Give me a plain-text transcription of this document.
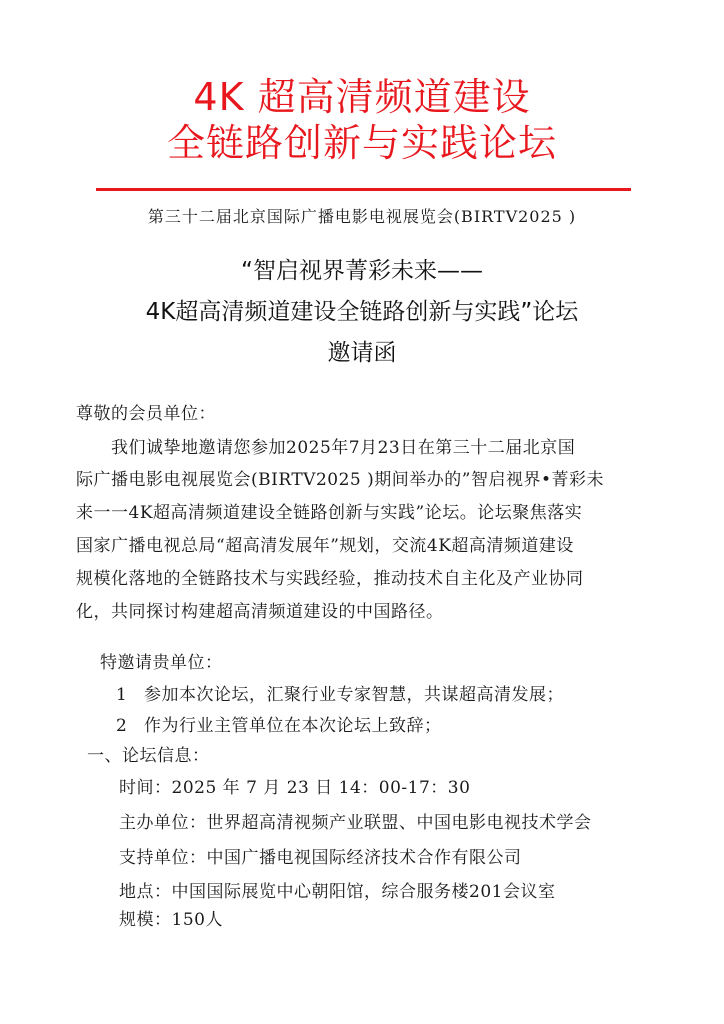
4K 超高清频道建设
全链路创新与实践论坛
第三十二届北京国际广播电影电视展览会(BIRTV2025 )
“智启视界菁彩未来——
4K超高清频道建设全链路创新与实践”论坛
邀请函
尊敬的会员单位：
我们诚挚地邀请您参加2025年7月23日在第三十二届北京国
际广播电影电视展览会(BIRTV2025 )期间举办的”智启视界•菁彩未
来一一4K超高清频道建设全链路创新与实践”论坛。论坛聚焦落实
国家广播电视总局“超高清发展年”规划，交流4K超高清频道建设
规模化落地的全链路技术与实践经验，推动技术自主化及产业协同
化，共同探讨构建超高清频道建设的中国路径。
特邀请贵单位：
1 参加本次论坛，汇聚行业专家智慧，共谋超高清发展；
2 作为行业主管单位在本次论坛上致辞；
一、论坛信息：
时间：2025 年 7 月 23 日 14：00-17：30
主办单位：世界超高清视频产业联盟、中国电影电视技术学会
支持单位：中国广播电视国际经济技术合作有限公司
地点：中国国际展览中心朝阳馆，综合服务楼201会议室
规模：150人
